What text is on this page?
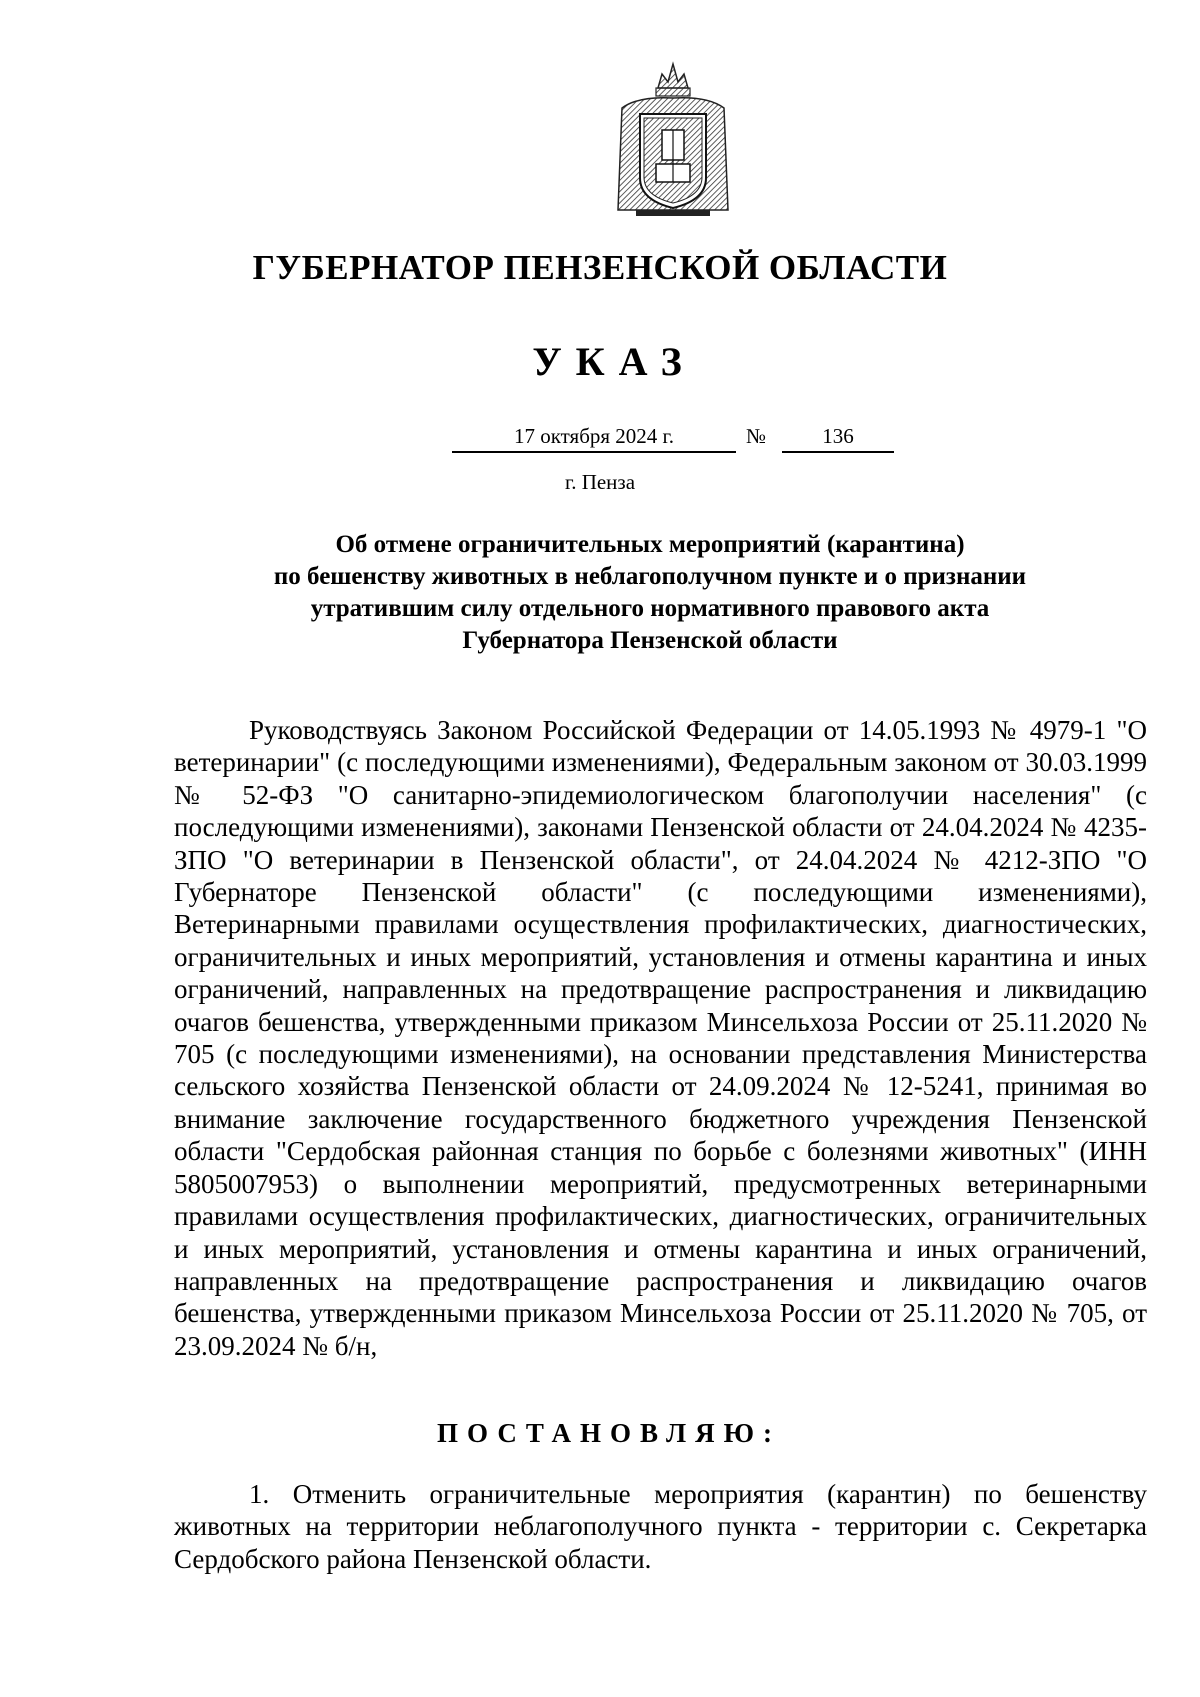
ГУБЕРНАТОР ПЕНЗЕНСКОЙ ОБЛАСТИ
УКАЗ
17 октября 2024 г.	№	136
г. Пенза
Об отмене ограничительных мероприятий (карантина)
по бешенству животных в неблагополучном пункте и о признании
утратившим силу отдельного нормативного правового акта
Губернатора Пензенской области

Руководствуясь Законом Российской Федерации от 14.05.1993 № 4979-1 "О ветеринарии" (с последующими изменениями), Федеральным законом от 30.03.1999 № 52-ФЗ "О санитарно-эпидемиологическом благополучии населения" (с последующими изменениями), законами Пензенской области от 24.04.2024 № 4235-ЗПО "О ветеринарии в Пензенской области", от 24.04.2024 № 4212-ЗПО "О Губернаторе Пензенской области" (с последующими изменениями), Ветеринарными правилами осуществления профилактических, диагностических, ограничительных и иных мероприятий, установления и отмены карантина и иных ограничений, направленных на предотвращение распространения и ликвидацию очагов бешенства, утвержденными приказом Минсельхоза России от 25.11.2020 № 705 (с последующими изменениями), на основании представления Министерства сельского хозяйства Пензенской области от 24.09.2024 № 12-5241, принимая во внимание заключение государственного бюджетного учреждения Пензенской области "Сердобская районная станция по борьбе с болезнями животных" (ИНН 5805007953) о выполнении мероприятий, предусмотренных ветеринарными правилами осуществления профилактических, диагностических, ограничительных и иных мероприятий, установления и отмены карантина и иных ограничений, направленных на предотвращение распространения и ликвидацию очагов бешенства, утвержденными приказом Минсельхоза России от 25.11.2020 № 705, от 23.09.2024 № б/н,

ПОСТАНОВЛЯЮ:

1. Отменить ограничительные мероприятия (карантин) по бешенству животных на территории неблагополучного пункта - территории с. Секретарка Сердобского района Пензенской области.
